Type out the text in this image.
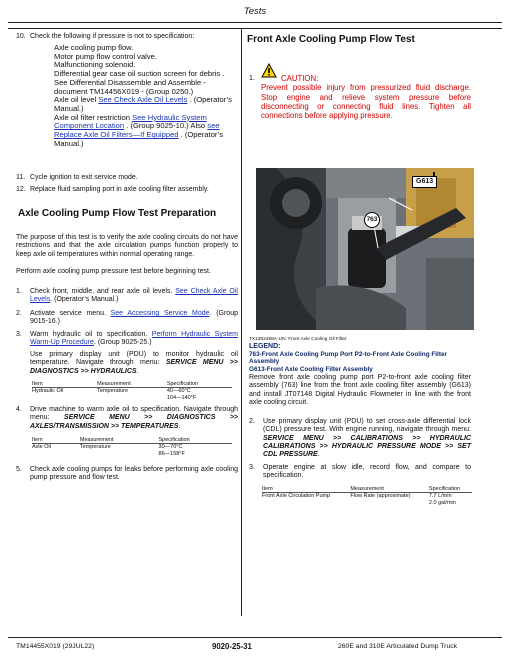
Tests
10. Check the following if pressure is not to specification:
Axle cooling pump flow.
Motor pump flow control valve.
Malfunctioning solenoid.
Differential gear case oil suction screen for debris . See Differential Disassemble and Assemble - document TM14456X019 - (Group 0250.)
Axle oil level See Check Axle Oil Levels . (Operator’s Manual.)
Axle oil filter restriction See Hydraulic System Component Location . (Group 9025-10.) Also see Replace Axle Oil Filters—If Equipped . (Operator’s Manual.)
11. Cycle ignition to exit service mode.
12. Replace fluid sampling port in axle cooling filter assembly.
Axle Cooling Pump Flow Test Preparation
The purpose of this test is to verify the axle cooling circuits do not have restrictions and that the axle circulation pumps function properly to keep axle oil temperatures within normal operating range.
Perform axle cooling pump pressure test before beginning test.
1. Check front, middle, and rear axle oil levels. See Check Axle Oil Levels. (Operator’s Manual.)
2. Activate service menu. See Accessing Service Mode. (Group 9015-16.)
3. Warm hydraulic oil to specification. Perform Hydraulic System Warm-Up Procedure. (Group 9025-25.)
Use primary display unit (PDU) to monitor hydraulic oil temperature. Navigate through menu: SERVICE MENU >> DIAGNOSTICS >> HYDRAULICS.
Item	Measurement	Specification
Hydraulic Oil	Temperature	40—60°C
104—140°F
4. Drive machine to warm axle oil to specification. Navigate through menu: SERVICE MENU >> DIAGNOSTICS >> AXLES/TRANSMISSION >> TEMPERATURES.
Item	Measurement	Specification
Axle Oil	Temperature	30—70°C
86—158°F
5. Check axle cooling pumps for leaks before performing axle cooling pump pressure and flow test.
Front Axle Cooling Pump Flow Test
1.	CAUTION:
Prevent possible injury from pressurized fluid discharge. Stop engine and relieve system pressure before disconnecting or connecting fluid lines. Tighten all connections before applying pressure.
G613
763
TX1302468A-UN: Front Axle Cooling Oil Filter
LEGEND:
763-Front Axle Cooling Pump Port P2-to-Front Axle Cooling Filter Assembly
G613-Front Axle Cooling Filter Assembly
Remove front axle cooling pump port P2-to-front axle cooling filter assembly (763) line from the front axle cooling filter assembly (G613) and install JT07148 Digital Hydraulic Flowmeter in line with the front axle cooling circuit.
2. Use primary display unit (PDU) to set cross-axle differential lock (CDL) pressure test. With engine running, navigate through menu: SERVICE MENU >> CALIBRATIONS >> HYDRAULIC CALIBRATIONS >> HYDRAULIC PRESSURE MODE >> SET CDL PRESSURE.
3. Operate engine at slow idle, record flow, and compare to specification.
Item	Measurement	Specification
Front Axle Circulation Pump	Flow Rate (approximate)	7.7 L/min
2.0 gal/min
TM14455X019 (29JUL22)	9020-25-31	260E and 310E Articulated Dump Truck
